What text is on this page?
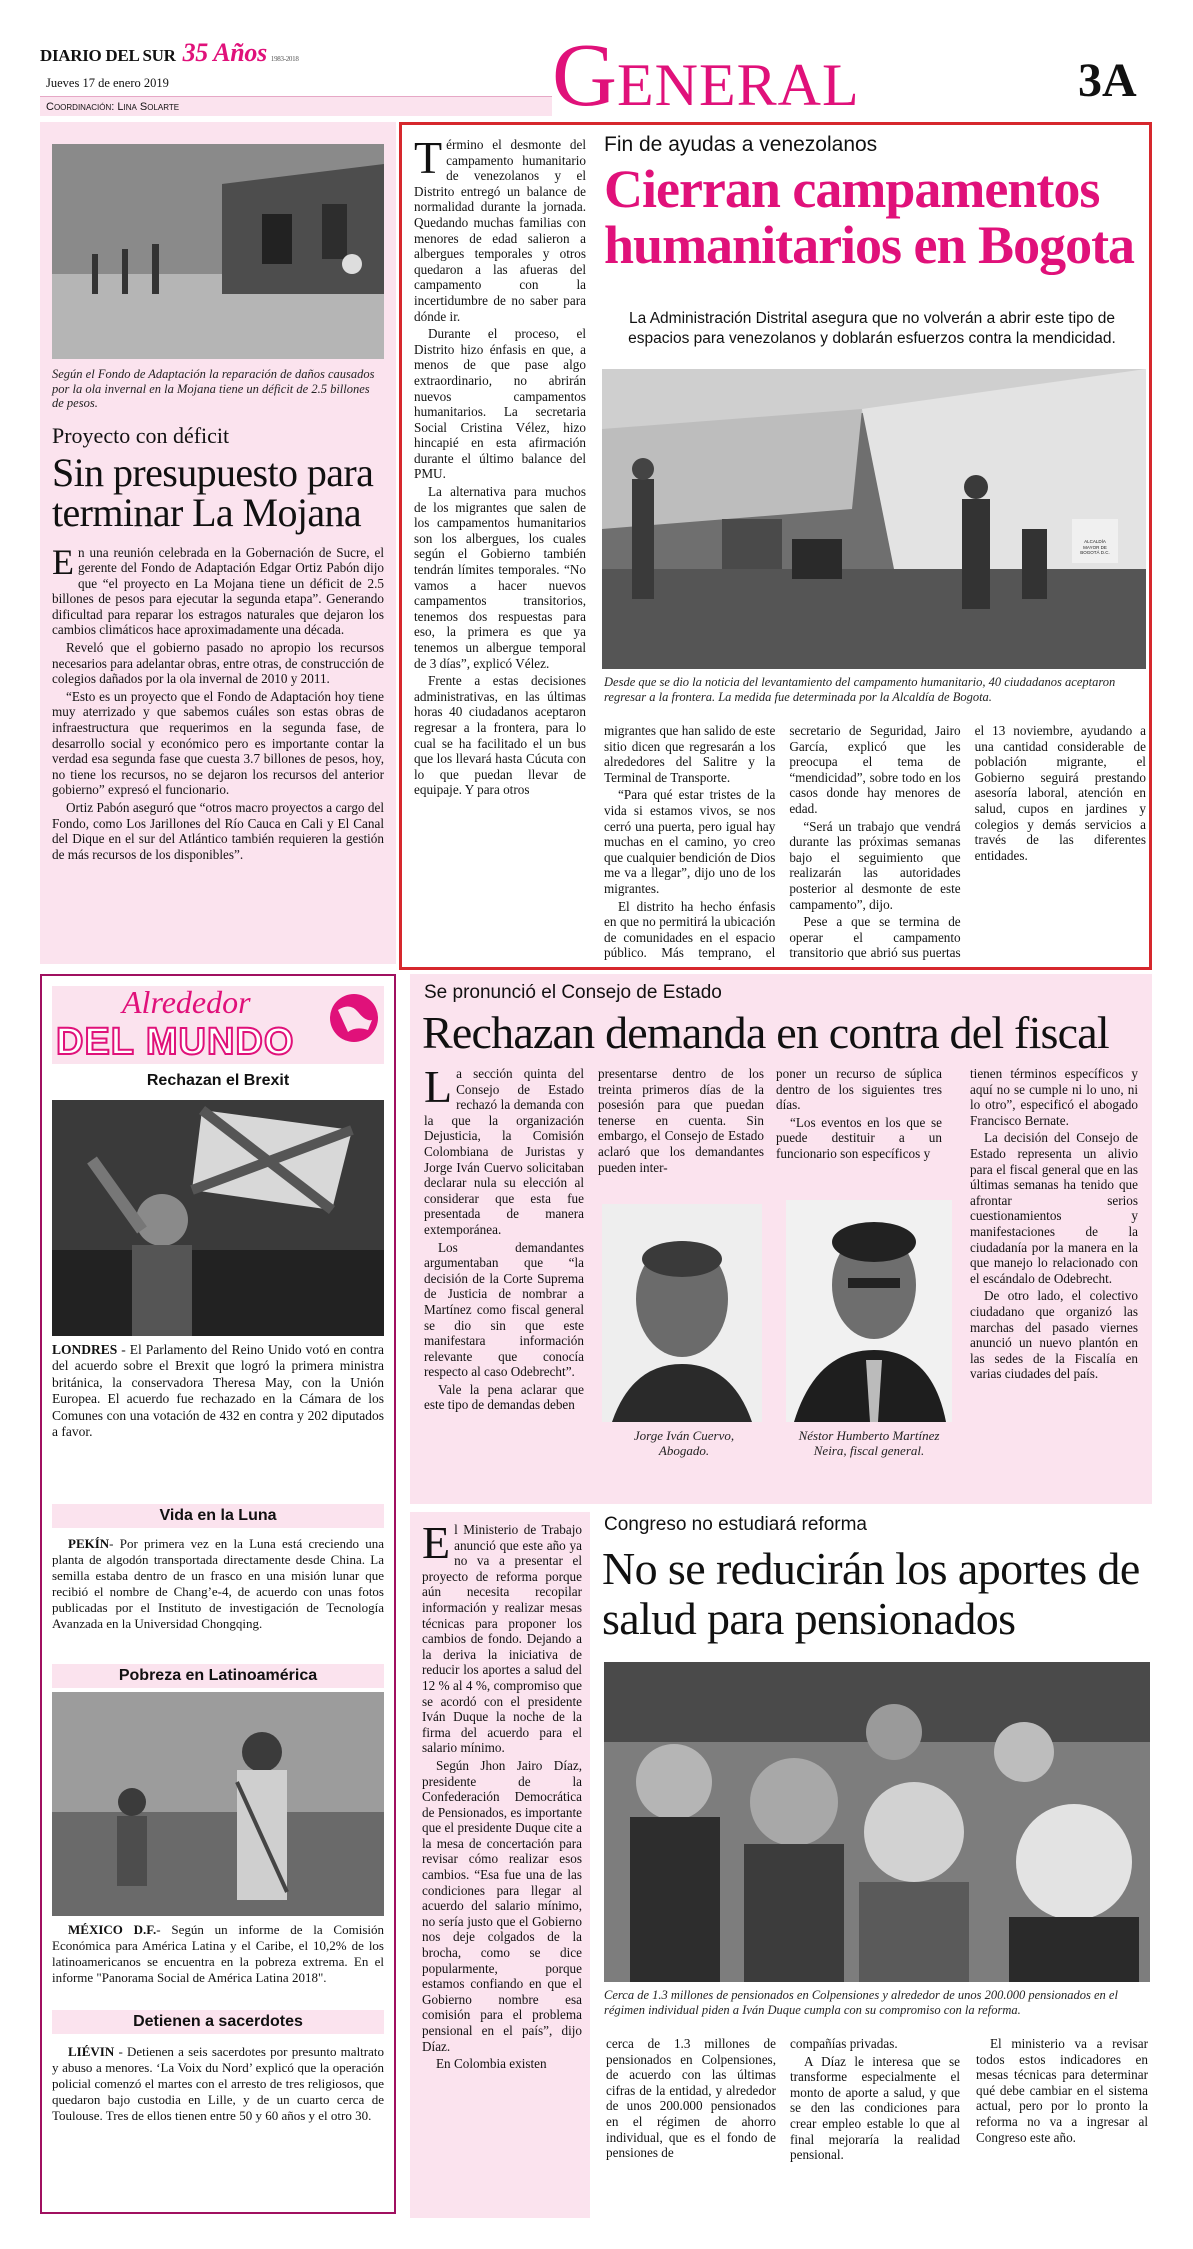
DIARIO DEL SUR 35 Años 1983-2018
Jueves 17 de enero 2019	GENERAL	3A
Coordinación: Lina Solarte
Según el Fondo de Adaptación la reparación de daños causados por la ola invernal en la Mojana tiene un déficit de 2.5 billones de pesos.
Proyecto con déficit
Sin presupuesto para terminar La Mojana

En una reunión celebrada en la Gobernación de Sucre, el gerente del Fondo de Adaptación Edgar Ortiz Pabón dijo que “el proyecto en La Mojana tiene un déficit de 2.5 billones de pesos para ejecutar la segunda etapa”. Generando dificultad para reparar los estragos naturales que dejaron los cambios climáticos hace aproximadamente una década.

Reveló que el gobierno pasado no apropio los recursos necesarios para adelantar obras, entre otras, de construcción de colegios dañados por la ola invernal de 2010 y 2011.

“Esto es un proyecto que el Fondo de Adaptación hoy tiene muy aterrizado y que sabemos cuáles son estas obras de infraestructura que requerimos en la segunda fase, de desarrollo social y económico pero es importante contar la verdad esa segunda fase que cuesta 3.7 billones de pesos, hoy, no tiene los recursos, no se dejaron los recursos del anterior gobierno” expresó el funcionario.

Ortiz Pabón aseguró que “otros macro proyectos a cargo del Fondo, como Los Jarillones del Río Cauca en Cali y El Canal del Dique en el sur del Atlántico también requieren la gestión de más recursos de los disponibles”.

Término el desmonte del campamento humanitario de venezolanos y el Distrito entregó un balance de normalidad durante la jornada. Quedando muchas familias con menores de edad salieron a albergues temporales y otros quedaron a las afueras del campamento con la incertidumbre de no saber para dónde ir.

Durante el proceso, el Distrito hizo énfasis en que, a menos de que pase algo extraordinario, no abrirán nuevos campamentos humanitarios. La secretaria Social Cristina Vélez, hizo hincapié en esta afirmación durante el último balance del PMU.

La alternativa para muchos de los migrantes que salen de los campamentos humanitarios son los albergues, los cuales según el Gobierno también tendrán límites temporales. “No vamos a hacer nuevos campamentos transitorios, tenemos dos respuestas para eso, la primera es que ya tenemos un albergue temporal de 3 días”, explicó Vélez.

Frente a estas decisiones administrativas, en las últimas horas 40 ciudadanos aceptaron regresar a la frontera, para lo cual se ha facilitado el un bus que los llevará hasta Cúcuta con lo que puedan llevar de equipaje. Y para otros

Fin de ayudas a venezolanos
Cierran campamentos humanitarios en Bogota
La Administración Distrital asegura que no volverán a abrir este tipo de espacios para venezolanos y doblarán esfuerzos contra la mendicidad.
ALCALDÍA MAYOR DE BOGOTÁ D.C.
Desde que se dio la noticia del levantamiento del campamento humanitario, 40 ciudadanos aceptaron regresar a la frontera. La medida fue determinada por la Alcaldía de Bogota.

migrantes que han salido de este sitio dicen que regresarán a los alrededores del Salitre y la Terminal de Transporte.

“Para qué estar tristes de la vida si estamos vivos, se nos cerró una puerta, pero igual hay muchas en el camino, yo creo que cualquier bendición de Dios me va a llegar”, dijo uno de los migrantes.

El distrito ha hecho énfasis en que no permitirá la ubicación de comunidades en el espacio público. Más temprano, el secretario de Seguridad, Jairo García, explicó que les preocupa el tema de “mendicidad”, sobre todo en los casos donde hay menores de edad.

“Será un trabajo que vendrá durante las próximas semanas bajo el seguimiento que realizarán las autoridades posterior al desmonte de este campamento”, dijo.

Pese a que se termina de operar el campamento transitorio que abrió sus puertas el 13 noviembre, ayudando a una cantidad considerable de población migrante, el Gobierno seguirá prestando asesoría laboral, atención en salud, cupos en jardines y colegios y demás servicios a través de las diferentes entidades.

Alrededor
DEL MUNDO
Rechazan el Brexit
LONDRES - El Parlamento del Reino Unido votó en contra del acuerdo sobre el Brexit que logró la primera ministra británica, la conservadora Theresa May, con la Unión Europea. El acuerdo fue rechazado en la Cámara de los Comunes con una votación de 432 en contra y 202 diputados a favor.
Vida en la Luna
PEKÍN- Por primera vez en la Luna está creciendo una planta de algodón transportada directamente desde China. La semilla estaba dentro de un frasco en una misión lunar que recibió el nombre de Chang’e-4, de acuerdo con unas fotos publicadas por el Instituto de investigación de Tecnología Avanzada en la Universidad Chongqing.
Pobreza en Latinoamérica
MÉXICO D.F.- Según un informe de la Comisión Económica para América Latina y el Caribe, el 10,2% de los latinoamericanos se encuentra en la pobreza extrema. En el informe "Panorama Social de América Latina 2018".
Detienen a sacerdotes
LIÉVIN - Detienen a seis sacerdotes por presunto maltrato y abuso a menores. ‘La Voix du Nord’ explicó que la operación policial comenzó el martes con el arresto de tres religiosos, que quedaron bajo custodia en Lille, y de un cuarto cerca de Toulouse. Tres de ellos tienen entre 50 y 60 años y el otro 30.
Se pronunció el Consejo de Estado
Rechazan demanda en contra del fiscal

La sección quinta del Consejo de Estado rechazó la demanda con la que la organización Dejusticia, la Comisión Colombiana de Juristas y Jorge Iván Cuervo solicitaban declarar nula su elección al considerar que esta fue presentada de manera extemporánea.

Los demandantes argumentaban que “la decisión de la Corte Suprema de Justicia de nombrar a Martínez como fiscal general se dio sin que este manifestara información relevante que conocía respecto al caso Odebrecht”.

Vale la pena aclarar que este tipo de demandas deben

presentarse dentro de los treinta primeros días de la posesión para que puedan tenerse en cuenta. Sin embargo, el Consejo de Estado aclaró que los demandantes pueden inter-

poner un recurso de súplica dentro de los siguientes tres días.

“Los eventos en los que se puede destituir a un funcionario son específicos y

Jorge Iván Cuervo, Abogado.
Néstor Humberto Martínez Neira, fiscal general.

tienen términos específicos y aquí no se cumple ni lo uno, ni lo otro”, especificó el abogado Francisco Bernate.

La decisión del Consejo de Estado representa un alivio para el fiscal general que en las últimas semanas ha tenido que afrontar serios cuestionamientos y manifestaciones de la ciudadanía por la manera en la que manejo lo relacionado con el escándalo de Odebrecht.

De otro lado, el colectivo ciudadano que organizó las marchas del pasado viernes anunció un nuevo plantón en las sedes de la Fiscalía en varias ciudades del país.

El Ministerio de Trabajo anunció que este año ya no va a presentar el proyecto de reforma porque aún necesita recopilar información y realizar mesas técnicas para proponer los cambios de fondo. Dejando a la deriva la iniciativa de reducir los aportes a salud del 12 % al 4 %, compromiso que se acordó con el presidente Iván Duque la noche de la firma del acuerdo para el salario mínimo.

Según Jhon Jairo Díaz, presidente de la Confederación Democrática de Pensionados, es importante que el presidente Duque cite a la mesa de concertación para revisar cómo realizar esos cambios. “Esa fue una de las condiciones para llegar al acuerdo del salario mínimo, no sería justo que el Gobierno nos deje colgados de la brocha, como se dice popularmente, porque estamos confiando en que el Gobierno nombre esa comisión para el problema pensional en el país”, dijo Díaz.

En Colombia existen

Congreso no estudiará reforma
No se reducirán los aportes de salud para pensionados
Cerca de 1.3 millones de pensionados en Colpensiones y alrededor de unos 200.000 pensionados en el régimen individual piden a Iván Duque cumpla con su compromiso con la reforma.

cerca de 1.3 millones de pensionados en Colpensiones, de acuerdo con las últimas cifras de la entidad, y alrededor de unos 200.000 pensionados en el régimen de ahorro individual, que es el fondo de pensiones de

compañías privadas.

A Díaz le interesa que se transforme especialmente el monto de aporte a salud, y que se den las condiciones para crear empleo estable lo que al final mejoraría la realidad pensional.

El ministerio va a revisar todos estos indicadores en mesas técnicas para determinar qué debe cambiar en el sistema actual, pero por lo pronto la reforma no va a ingresar al Congreso este año.
